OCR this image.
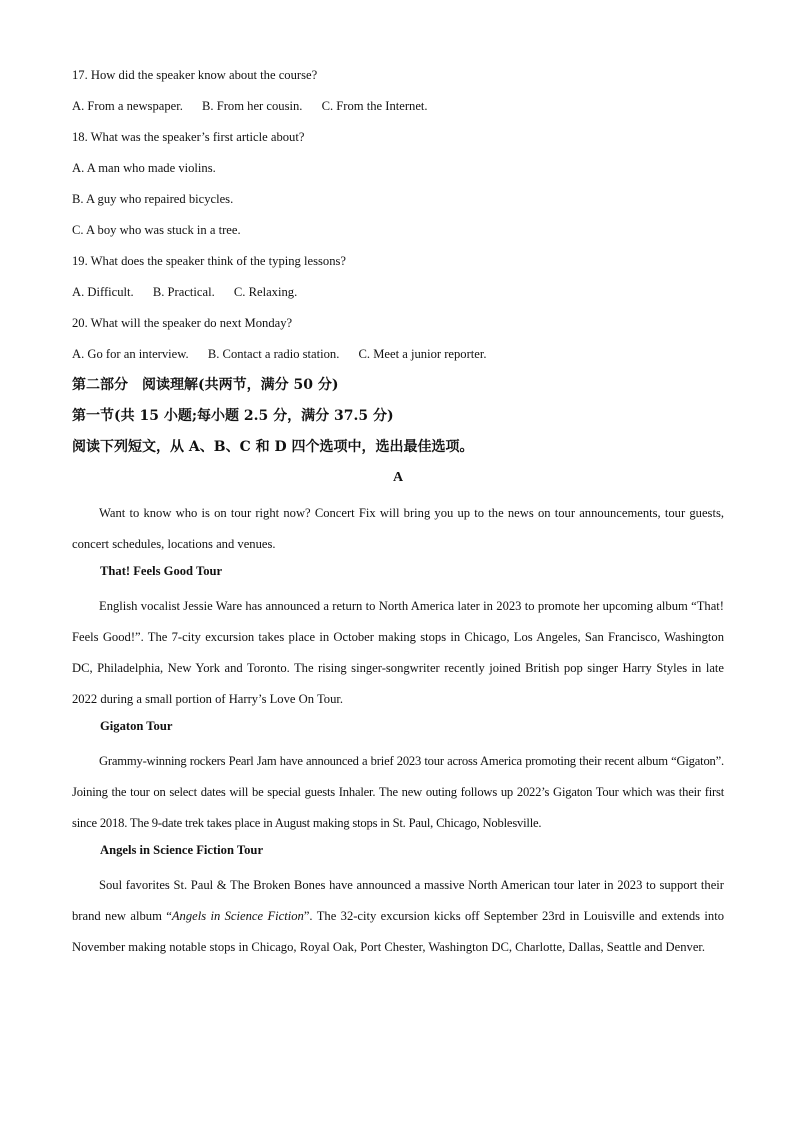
17. How did the speaker know about the course?
A. From a newspaper. B. From her cousin. C. From the Internet.
18. What was the speaker’s first article about?
A. A man who made violins.
B. A guy who repaired bicycles.
C. A boy who was stuck in a tree.
19. What does the speaker think of the typing lessons?
A. Difficult. B. Practical. C. Relaxing.
20. What will the speaker do next Monday?
A. Go for an interview. B. Contact a radio station. C. Meet a junior reporter.
第二部分　阅读理解(共两节，满分 50 分)
第一节(共 15 小题;每小题 2.5 分，满分 37.5 分)
阅读下列短文，从 A、B、C 和 D 四个选项中，选出最佳选项。
A

Want to know who is on tour right now? Concert Fix will bring you up to the news on tour announcements, tour guests, concert schedules, locations and venues.

That! Feels Good Tour

English vocalist Jessie Ware has announced a return to North America later in 2023 to promote her upcoming album “That! Feels Good!”. The 7-city excursion takes place in October making stops in Chicago, Los Angeles, San Francisco, Washington DC, Philadelphia, New York and Toronto. The rising singer-songwriter recently joined British pop singer Harry Styles in late 2022 during a small portion of Harry’s Love On Tour.

Gigaton Tour

Grammy-winning rockers Pearl Jam have announced a brief 2023 tour across America promoting their recent album “Gigaton”. Joining the tour on select dates will be special guests Inhaler. The new outing follows up 2022’s Gigaton Tour which was their first since 2018. The 9-date trek takes place in August making stops in St. Paul, Chicago, Noblesville.

Angels in Science Fiction Tour

Soul favorites St. Paul & The Broken Bones have announced a massive North American tour later in 2023 to support their brand new album “Angels in Science Fiction”. The 32-city excursion kicks off September 23rd in Louisville and extends into November making notable stops in Chicago, Royal Oak, Port Chester, Washington DC, Charlotte, Dallas, Seattle and Denver.
